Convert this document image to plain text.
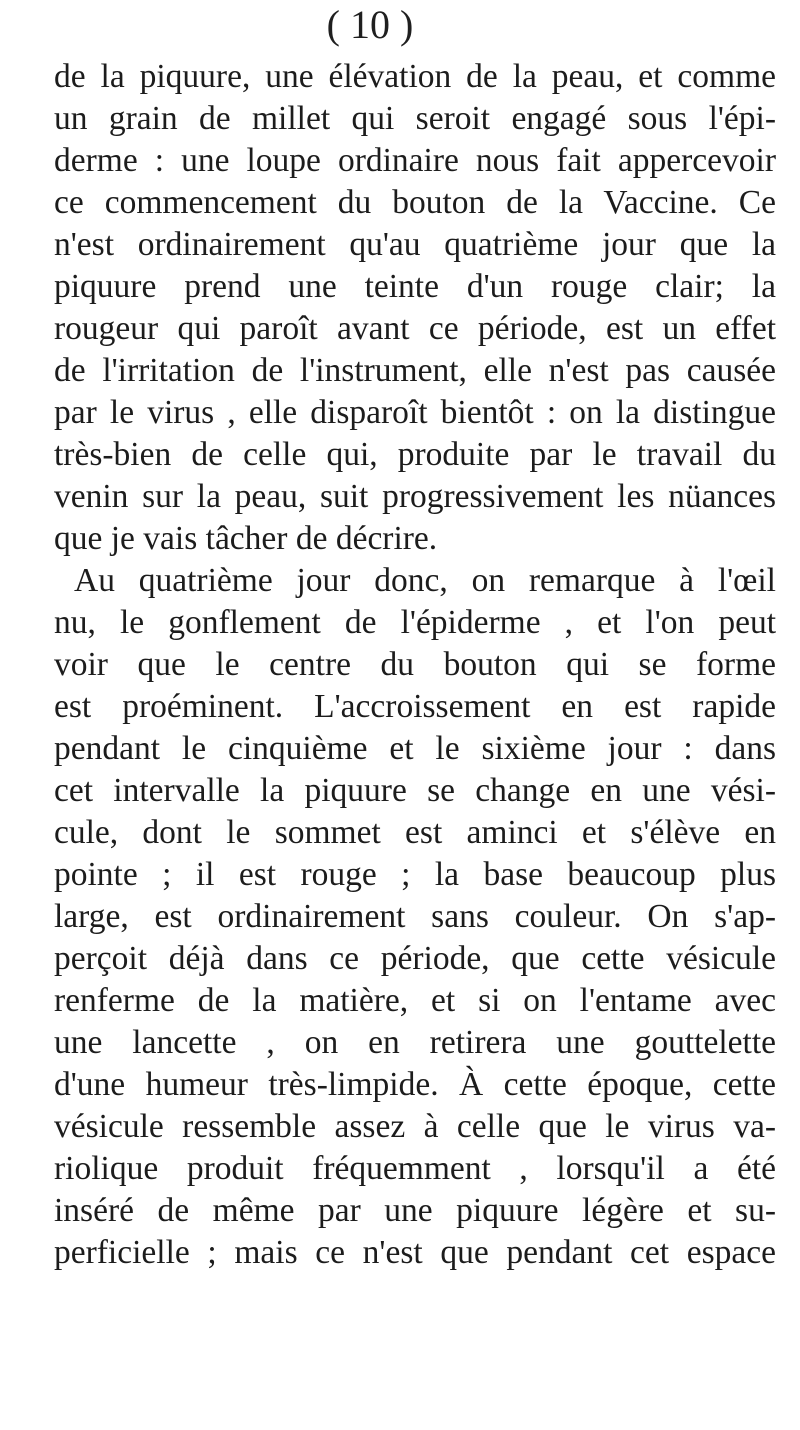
( 10 )
de la piquure, une élévation de la peau, et comme
un grain de millet qui seroit engagé sous l'épi-
derme : une loupe ordinaire nous fait appercevoir
ce commencement du bouton de la Vaccine. Ce
n'est ordinairement qu'au quatrième jour que la
piquure prend une teinte d'un rouge clair; la
rougeur qui paroît avant ce période, est un effet
de l'irritation de l'instrument, elle n'est pas causée
par le virus , elle disparoît bientôt : on la distingue
très-bien de celle qui, produite par le travail du
venin sur la peau, suit progressivement les nüances
que je vais tâcher de décrire.
Au quatrième jour donc, on remarque à l'œil
nu, le gonflement de l'épiderme , et l'on peut
voir que le centre du bouton qui se forme
est proéminent. L'accroissement en est rapide
pendant le cinquième et le sixième jour : dans
cet intervalle la piquure se change en une vési-
cule, dont le sommet est aminci et s'élève en
pointe ; il est rouge ; la base beaucoup plus
large, est ordinairement sans couleur. On s'ap-
perçoit déjà dans ce période, que cette vésicule
renferme de la matière, et si on l'entame avec
une lancette , on en retirera une gouttelette
d'une humeur très-limpide. À cette époque, cette
vésicule ressemble assez à celle que le virus va-
riolique produit fréquemment , lorsqu'il a été
inséré de même par une piquure légère et su-
perficielle ; mais ce n'est que pendant cet espace
